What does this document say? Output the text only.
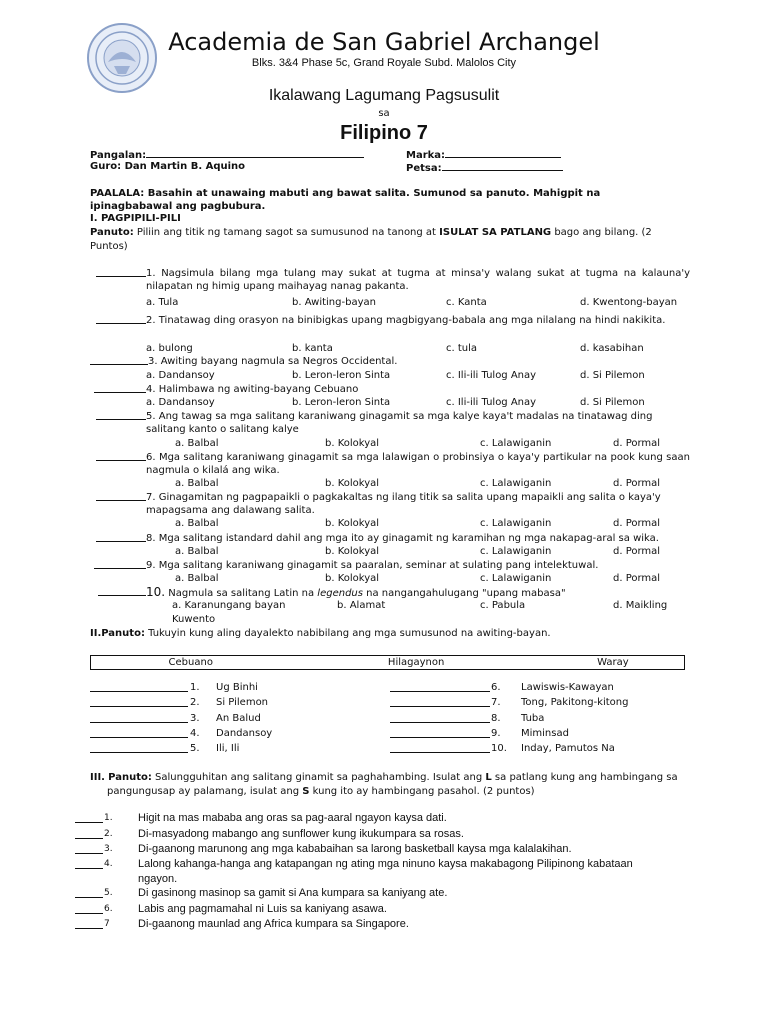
Academia de San Gabriel Archangel
Blks. 3&4 Phase 5c, Grand Royale Subd. Malolos City
Ikalawang Lagumang Pagsusulit
sa
Filipino 7
Pangalan:	Marka:
Guro: Dan Martin B. Aquino	Petsa:
PAALALA: Basahin at unawaing mabuti ang bawat salita. Sumunod sa panuto. Mahigpit na ipinagbabawal ang pagbubura.
I. PAGPIPILI-PILI
Panuto: Piliin ang titik ng tamang sagot sa sumusunod na tanong at ISULAT SA PATLANG bago ang bilang. (2
Puntos)
1. Nagsimula bilang mga tulang may sukat at tugma at minsa'y walang sukat at tugma na kalauna'y nilapatan ng himig upang maihayag nanag pakanta.
a. Tula	b. Awiting-bayan	c. Kanta	d. Kwentong-bayan
2. Tinatawag ding orasyon na binibigkas upang magbigyang-babala ang mga nilalang na hindi nakikita.
a. bulong	b. kanta	c. tula	d. kasabihan
3. Awiting bayang nagmula sa Negros Occidental.
a. Dandansoy	b. Leron-leron Sinta	c. Ili-ili Tulog Anay	d. Si Pilemon
4. Halimbawa ng awiting-bayang Cebuano
a. Dandansoy	b. Leron-leron Sinta	c. Ili-ili Tulog Anay	d. Si Pilemon
5. Ang tawag sa mga salitang karaniwang ginagamit sa mga kalye kaya't madalas na tinatawag ding salitang kanto o salitang kalye
a. Balbal	b. Kolokyal	c. Lalawiganin	d. Pormal
6. Mga salitang karaniwang ginagamit sa mga lalawigan o probinsiya o kaya'y partikular na pook kung saan nagmula o kilalá ang wika.
a. Balbal	b. Kolokyal	c. Lalawiganin	d. Pormal
7. Ginagamitan ng pagpapaikli o pagkakaltas ng ilang titik sa salita upang mapaikli ang salita o kaya'y mapagsama ang dalawang salita.
a. Balbal	b. Kolokyal	c. Lalawiganin	d. Pormal
8. Mga salitang istandard dahil ang mga ito ay ginagamit ng karamihan ng mga nakapag-aral sa wika.
a. Balbal	b. Kolokyal	c. Lalawiganin	d. Pormal
9. Mga salitang karaniwang ginagamit sa paaralan, seminar at sulating pang intelektuwal.
a. Balbal	b. Kolokyal	c. Lalawiganin	d. Pormal
10. Nagmula sa salitang Latin na legendus na nangangahulugang "upang mabasa"
a. Karanungang bayan	b. Alamat	c. Pabula	d. Maikling
Kuwento
II.Panuto: Tukuyin kung aling dayalekto nabibilang ang mga sumusunod na awiting-bayan.
Cebuano	Hilagaynon	Waray
1. Ug Binhi
2. Si Pilemon
3. An Balud
4. Dandansoy
5. Ili, Ili
6. Lawiswis-Kawayan
7. Tong, Pakitong-kitong
8. Tuba
9. Miminsad
10. Inday, Pamutos Na
III. Panuto: Salungguhitan ang salitang ginamit sa paghahambing. Isulat ang L sa patlang kung ang hambingang sa
pangungusap ay palamang, isulat ang S kung ito ay hambingang pasahol. (2 puntos)
1. Higit na mas mababa ang oras sa pag-aaral ngayon kaysa dati.
2. Di-masyadong mabango ang sunflower kung ikukumpara sa rosas.
3. Di-gaanong marunong ang mga kababaihan sa larong basketball kaysa mga kalalakihan.
4. Lalong kahanga-hanga ang katapangan ng ating mga ninuno kaysa makabagong Pilipinong kabataan
ngayon.
5. Di gasinong masinop sa gamit si Ana kumpara sa kaniyang ate.
6. Labis ang pagmamahal ni Luis sa kaniyang asawa.
7	Di-gaanong maunlad ang Africa kumpara sa Singapore.
